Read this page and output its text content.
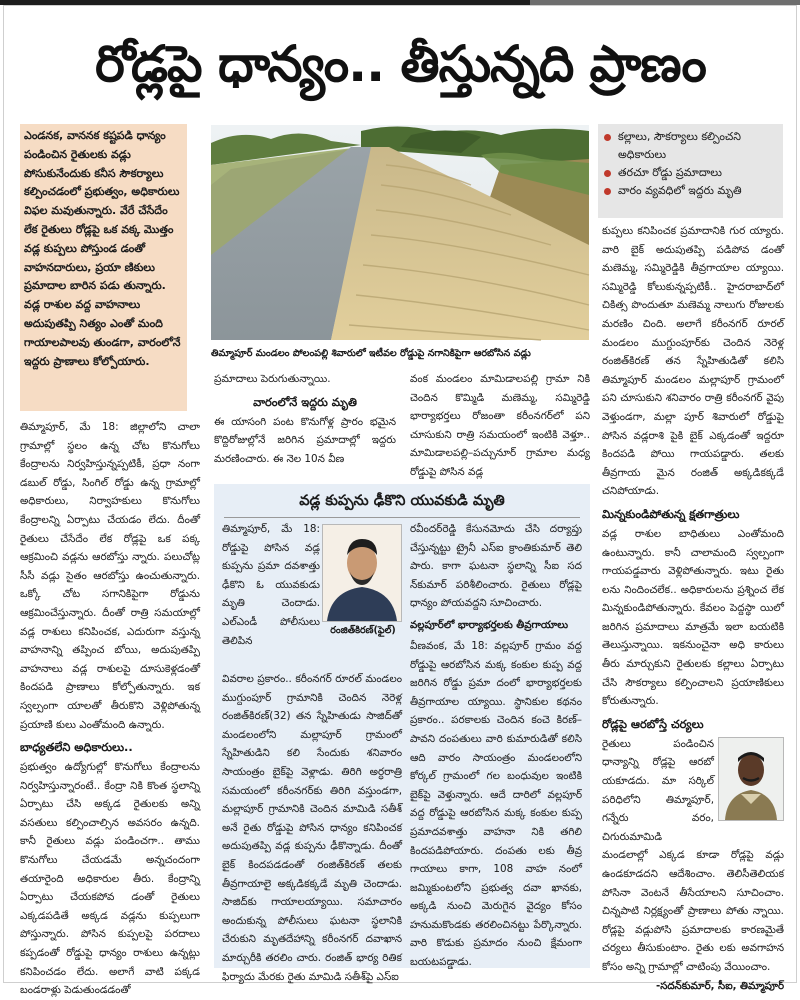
రోడ్లపై ధాన్యం.. తీస్తున్నది ప్రాణం
ఎండనక, వాననక కష్టపడి ధాన్యం పండించిన రైతులకు వడ్లు పోసుకునేందుకు కనీస సౌకర్యాలు కల్పించడంలో ప్రభుత్వం, అధికారులు విఫల మవుతున్నారు. వేరే చేసేదేం లేక రైతులు రోడ్లపై ఒక వక్క మొత్తం వడ్ల కుప్పలు పోస్తుండ డంతో వాహనదారులు, ప్రయా ణికులు ప్రమాదాల బారిన పడు తున్నారు. వడ్ల రాశుల వద్ద వాహనాలు అదుపుతప్పి నిత్యం ఎంతో మంది గాయాలపాలవు తుండగా, వారంలోనే ఇద్దరు ప్రాణాలు కోల్పోయారు.
తిమ్మాపూర్ మండలం పోలంపల్లి శివారులో ఇటీవల రోడ్డుపై నగానికిపైగా ఆరబోసిన వడ్లు
కల్లాలు, సౌకర్యాలు కల్పించని అధికారులు
తరచూ రోడ్డు ప్రమాదాలు
వారం వ్యవధిలో ఇద్దరు మృతి

తిమ్మాపూర్, మే 18: జిల్లాలోని చాలా గ్రామాల్లో స్థలం ఉన్న చోట కొనుగోలు కేంద్రాలను నిర్వహిస్తున్నప్పటికీ, ప్రధా నంగా డబుల్ రోడ్డు, సింగిల్ రోడ్డు ఉన్న గ్రామాల్లో అధికారులు, నిర్వాహకులు కొనుగోలు కేంద్రాలన్ని ఏర్పాటు చేయడం లేదు. దీంతో రైతులు చేసేదేం లేక రోడ్లపై ఒక పక్క ఆక్రమించి వడ్లను ఆరబోస్తు న్నారు. పలుచోట్ల సీసీ వడ్లు సైతం ఆరబోస్తు ఉంచుతున్నారు. ఒక్కో చోట సగానికిపైగా రోడ్డును ఆక్రమించేస్తున్నారు. దీంతో రాత్రి సమయాల్లో వడ్ల రాశులు కనిపించక, ఎదురుగా వస్తున్న వాహనాన్ని తప్పించ బోయి, అదుపుతప్పి వాహనాలు వడ్ల రాశులపై దూసుకెళ్లడంతో కిందపడి ప్రాణాలు కోల్పోతున్నారు. ఇక స్వల్పంగా యాలతో తీరుకొని వెళ్లిపోతున్న ప్రయాణి కులు ఎంతోమంది ఉన్నారు.

బాధ్యతలేని అధికారులు..

ప్రభుత్వం ఉద్యోగుల్లో కొనుగోలు కేంద్రాలను నిర్వహిస్తున్నారంటే.. కేంద్రా నికి కొంత స్థలాన్ని ఏర్పాటు చేసి అక్కడ రైతులకు అన్ని వసతులు కల్పించాల్సిన అవసరం ఉన్నది. కానీ రైతులు వడ్లు పండించగా.. తాము కొనుగోలు చేయడమే అన్నచందంగా తయారైంది అధికారుల తీరు. కేంద్రాన్ని ఏర్పాటు చేయకపోవ డంతో రైతులు ఎక్కడపడితే అక్కడ వడ్లను కుప్పలుగా పోస్తున్నారు. పోసిన కుప్పలపై పరదాలు కప్పడంతో రోడ్డుపై ధాన్యం రాశులు ఉన్నట్లు కనిపించడం లేదు. అలాగే వాటి పక్కడ బండరాళ్లు పెడుతుండడంతో

ప్రమాదాలు పెరుగుతున్నాయి.

వారంలోనే ఇద్దరు మృతి

ఈ యాసంగి పంట కొనుగోళ్ల ప్రారం భమైన కొద్దిరోజుల్లోనే జరిగిన ప్రమాదాల్లో ఇద్దరు మరణించారు. ఈ నెల 10న వీణ

వంక మండలం మామిడాలపల్లి గ్రామా నికి చెందిన కొమ్మిడి మణెమ్మ, సమ్మిరెడ్డి భార్యాభర్తలు రోజంతా కరీంనగర్‌లో పని చూసుకుని రాత్రి సమయంలో ఇంటికి వెళ్తూ.. మామిడాలపల్లి–పచ్చునూర్ గ్రామాల మధ్య రోడ్డుపై పోసిన వడ్ల

కుప్పలు కనిపించక ప్రమాదానికి గుర య్యారు. వారి బైక్ అదుపుతప్పి పడిపోవ డంతో మణెమ్మ, సమ్మిరెడ్డికి తీవ్రగాయాల య్యాయి. సమ్మిరెడ్డి కోలుకున్నప్పటికీ.. హైదరాబాద్‌లో చికిత్స పొందుతూ మణెమ్మ నాలుగు రోజులకు మరణిం చింది. అలాగే కరీంనగర్ రూరల్ మండలం ముగ్దుంపూర్‌కు చెందిన నెరెళ్ల రంజిత్‌కిరణ్ తన స్నేహితుడితో కలిసి తిమ్మాపూర్ మండలం మల్లాపూర్ గ్రామంలో పని చూసుకుని శనివారం రాత్రి కరీంనగర్ వైపు వెళ్తుండగా, మల్లా పూర్ శివారులో రోడ్డుపై పోసిన వడ్లరాశి పైకి బైక్ ఎక్కడంతో ఇద్దరూ కిందపడి పోయి గాయపడ్డారు. తలకు తీవ్రగాయ మైన రంజిత్ అక్కడికక్కడే చనిపోయాడు.

మిన్నకుండిపోతున్న క్షతగాత్రులు

వడ్ల రాశుల బాధితులు ఎంతోమంది ఉంటున్నారు. కానీ చాలామంది స్వల్పంగా గాయపడ్డవారు వెళ్లిపోతున్నారు. ఇటు రైతు లను నిందించలేక.. అధికారులను ప్రశ్నించ లేక మిన్నకుండిపోతున్నారు. కేవలం పెద్దస్థా యిలో జరిగిన ప్రమాదాలు మాత్రమే ఇలా బయటికి తెలుస్తున్నాయి. ఇకనుంచైనా అధి కారులు తీరు మార్చుకుని రైతులకు కల్లాలు ఏర్పాటు చేసి సౌకర్యాలు కల్పించాలని ప్రయాణికులు కోరుతున్నారు.

రోడ్లపై ఆరబోస్తే చర్యలు

రైతులు పండించిన ధాన్యాన్ని రోడ్లపై ఆరబో యకూడదు. మా సర్కిల్ పరిధిలోని తిమ్మాపూర్, గన్నేరు వరం, చిగురుమామిడి

మండలాల్లో ఎక్కడ కూడా రోడ్లపై వడ్లు ఉండకూడదని ఆదేశించాం. తెలిసీతెలియక పోసినా వెంటనే తీసేయాలని సూచించాం. చిన్నపాటి నిర్లక్ష్యంతో ప్రాణాలు పోతు న్నాయి. రోడ్లపై వడ్లుపోసి ప్రమాదాలకు కారణమైతే చర్యలు తీసుకుంటాం. రైతు లకు అవగాహన కోసం అన్ని గ్రామాల్లో చాటింపు వేయించాం.

-సదన్‌కుమార్, సీఐ, తిమ్మాపూర్
వడ్ల కుప్పను ఢీకొని యువకుడి మృతి
రంజిత్‌కిరణ్(ఫైల్)

తిమ్మాపూర్, మే 18: రోడ్డుపై పోసిన వడ్ల కుప్పను ప్రమా దవశాత్తు ఢీకొని ఓ యువకుడు మృతి చెందాడు. ఎల్ఎండీ పోలీసులు తెలిపిన

వివరాల ప్రకారం.. కరీంనగర్ రూరల్ మండలం ముగ్దుంపూర్ గ్రామానికి చెందిన నెరెళ్ల రంజిత్‌కిరణ్(32) తన స్నేహితుడు సాజిద్‌తో మండలంలోని మల్లాపూర్ గ్రామంలో స్నేహితుడిని కలి సేందుకు శనివారం సాయంత్రం బైక్‌పై వెళ్లాడు. తిరిగి అర్ధరాత్రి సమయంలో కరీంనగర్‌కు తిరిగి వస్తుండగా, మల్లాపూర్ గ్రామానికి చెందిన మామిడి సతీశ్ అనే రైతు రోడ్డుపై పోసిన ధాన్యం కనిపించక అదుపుతప్పి వడ్ల కుప్పను ఢీకొన్నాడు. దీంతో బైక్ కిందపడడంతో రంజిత్‌కిరణ్ తలకు తీవ్రగాయాలై అక్కడికక్కడే మృతి చెందాడు. సాజిద్‌కు గాయాలయ్యాయి. సమాచారం అందుకున్న పోలీసులు ఘటనా స్థలానికి చేరుకుని మృతదేహాన్ని కరీంనగర్ దవాఖాన మార్చురీకి తరలిం చారు. రంజిత్ భార్య రితిక ఫిర్యాదు మేరకు రైతు మామిడి సతీశ్‌పై ఎస్ఐ

రవీందర్‌రెడ్డి కేసునమోదు చేసి దర్యాప్తు చేస్తున్నట్టు ట్రైనీ ఎస్ఐ క్రాంతికుమార్ తెలి పారు. కాగా ఘటనా స్థలాన్ని సీఐ సద న్‌కుమార్ పరిశీలించారు. రైతులు రోడ్లపై ధాన్యం పోయవద్దని సూచించారు.

వల్లపూర్‌లో భార్యాభర్తలకు తీవ్రగాయాలు

వీణవంక, మే 18: వల్లపూర్ గ్రామం వద్ద రోడ్డుపై ఆరబోసిన మక్క కంకుల కుప్ప వద్ద జరిగిన రోడ్డు ప్రమా దంలో భార్యాభర్తలకు తీవ్రగాయాల య్యాయి. స్థానికుల కథనం ప్రకారం.. పరకాలకు చెందిన కంచె కిరణ్–పావని దంపతులు వారి కుమారుడితో కలిసి ఆది వారం సాయంత్రం మండలంలోని కోర్కల్ గ్రామంలో గల బంధువుల ఇంటికి బైక్‌పై వెళ్తున్నారు. ఆదే దారిలో వల్లపూర్ వద్ద రోడ్డుపై ఆరబోసిన మక్క కంకుల కుప్ప ప్రమాదవశాత్తు వాహనా నికి తగిలి కిందపడిపోయారు. దంపతు లకు తీవ్ర గాయాలు కాగా, 108 వాహ నంలో జమ్మికుంటలోని ప్రభుత్వ దవా ఖానకు, అక్కడి నుంచి మెరుగైన వైద్యం కోసం హనుమకొండకు తరలించినట్టు పేర్కొన్నారు. వారి కొడుకు ప్రమాదం నుంచి క్షేమంగా బయటపడ్డాడు.
